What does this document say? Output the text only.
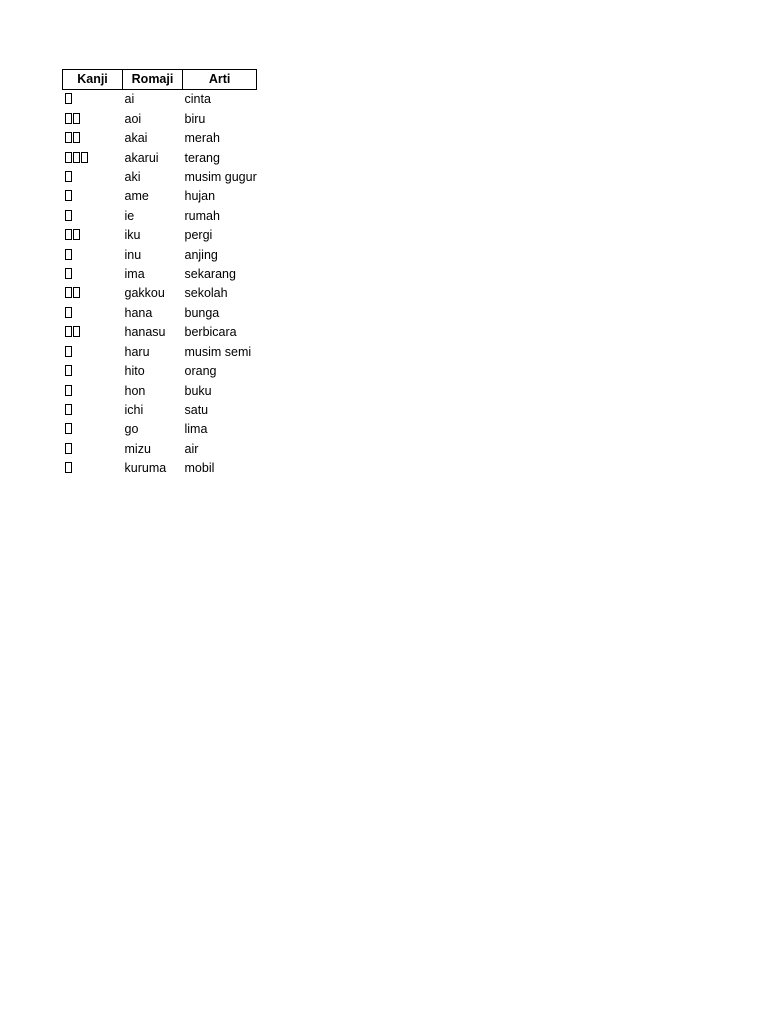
Kanji	Romaji	Arti
	ai	cinta
	aoi	biru
	akai	merah
	akarui	terang
	aki	musim gugur
	ame	hujan
	ie	rumah
	iku	pergi
	inu	anjing
	ima	sekarang
	gakkou	sekolah
	hana	bunga
	hanasu	berbicara
	haru	musim semi
	hito	orang
	hon	buku
	ichi	satu
	go	lima
	mizu	air
	kuruma	mobil
